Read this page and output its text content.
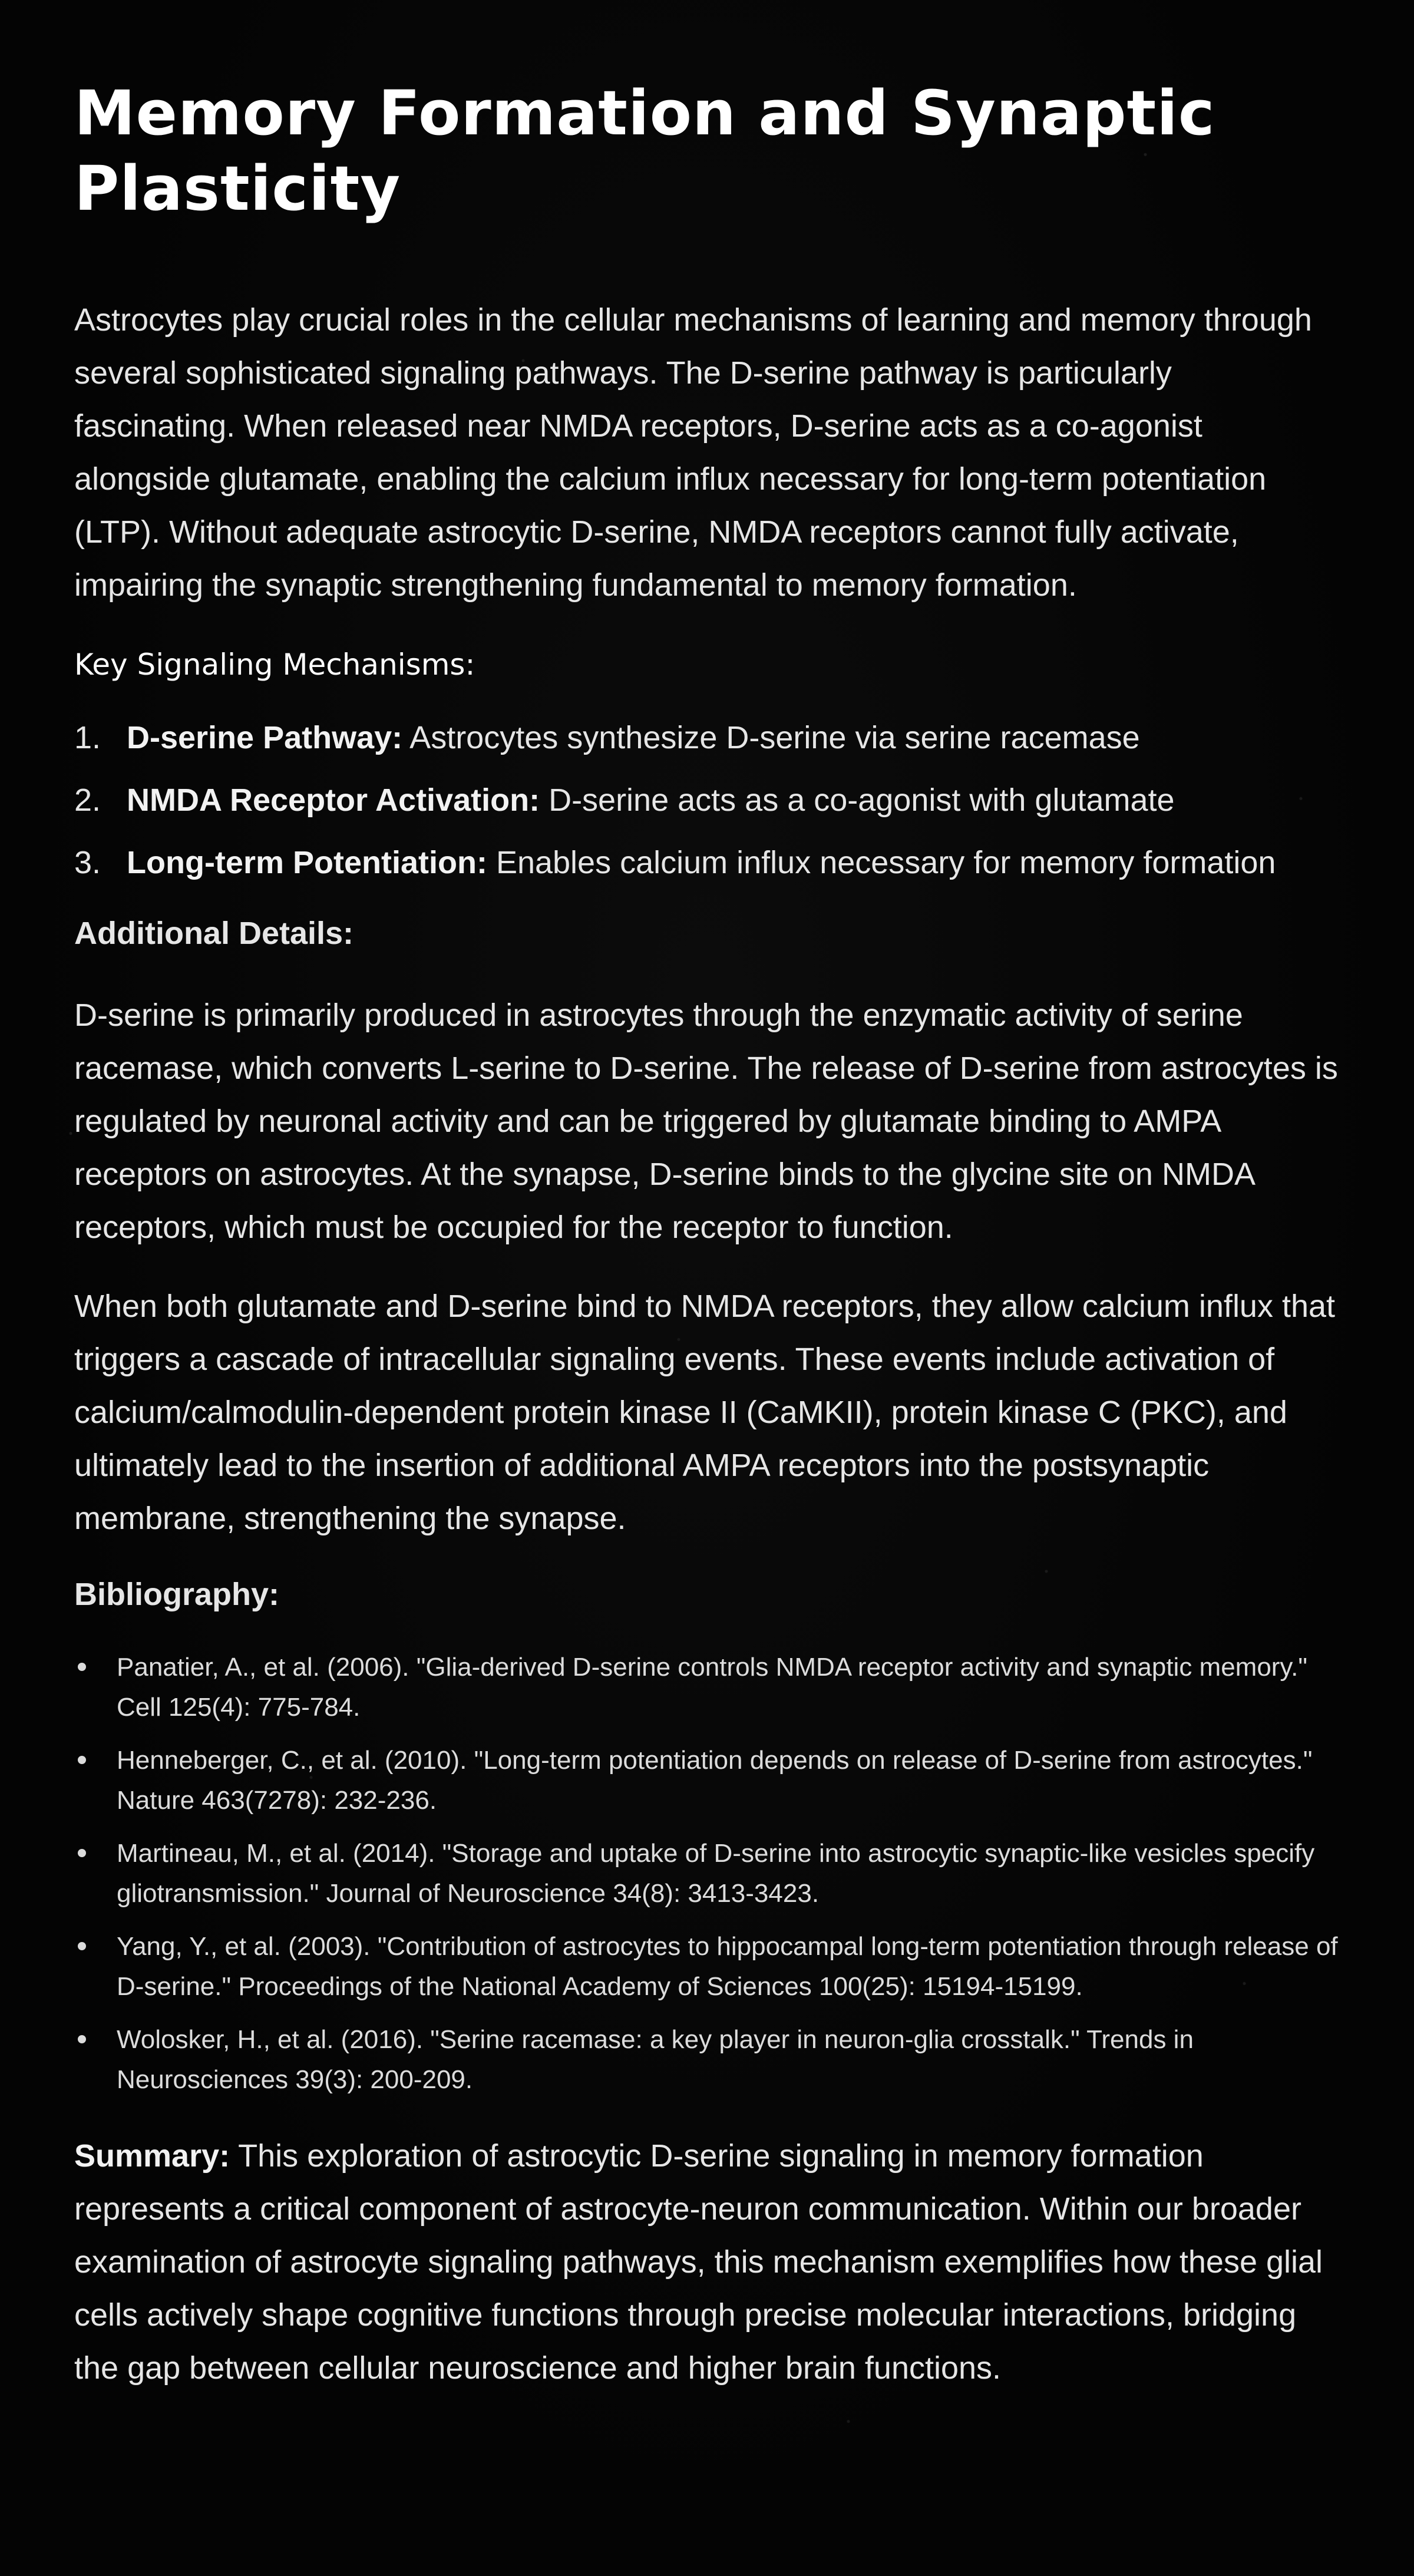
Memory Formation and Synaptic Plasticity

Astrocytes play crucial roles in the cellular mechanisms of learning and memory through several sophisticated signaling pathways. The D-serine pathway is particularly fascinating. When released near NMDA receptors, D-serine acts as a co-agonist alongside glutamate, enabling the calcium influx necessary for long-term potentiation (LTP). Without adequate astrocytic D-serine, NMDA receptors cannot fully activate, impairing the synaptic strengthening fundamental to memory formation.

Key Signaling Mechanisms:
1. D-serine Pathway: Astrocytes synthesize D-serine via serine racemase
2. NMDA Receptor Activation: D-serine acts as a co-agonist with glutamate
3. Long-term Potentiation: Enables calcium influx necessary for memory formation
Additional Details:

D-serine is primarily produced in astrocytes through the enzymatic activity of serine racemase, which converts L-serine to D-serine. The release of D-serine from astrocytes is regulated by neuronal activity and can be triggered by glutamate binding to AMPA receptors on astrocytes. At the synapse, D-serine binds to the glycine site on NMDA receptors, which must be occupied for the receptor to function.

When both glutamate and D-serine bind to NMDA receptors, they allow calcium influx that triggers a cascade of intracellular signaling events. These events include activation of calcium/calmodulin-dependent protein kinase II (CaMKII), protein kinase C (PKC), and ultimately lead to the insertion of additional AMPA receptors into the postsynaptic membrane, strengthening the synapse.

Bibliography:
Panatier, A., et al. (2006). "Glia-derived D-serine controls NMDA receptor activity and synaptic memory." Cell 125(4): 775-784.
Henneberger, C., et al. (2010). "Long-term potentiation depends on release of D-serine from astrocytes." Nature 463(7278): 232-236.
Martineau, M., et al. (2014). "Storage and uptake of D-serine into astrocytic synaptic-like vesicles specify gliotransmission." Journal of Neuroscience 34(8): 3413-3423.
Yang, Y., et al. (2003). "Contribution of astrocytes to hippocampal long-term potentiation through release of D-serine." Proceedings of the National Academy of Sciences 100(25): 15194-15199.
Wolosker, H., et al. (2016). "Serine racemase: a key player in neuron-glia crosstalk." Trends in Neurosciences 39(3): 200-209.

Summary: This exploration of astrocytic D-serine signaling in memory formation represents a critical component of astrocyte-neuron communication. Within our broader examination of astrocyte signaling pathways, this mechanism exemplifies how these glial cells actively shape cognitive functions through precise molecular interactions, bridging the gap between cellular neuroscience and higher brain functions.
